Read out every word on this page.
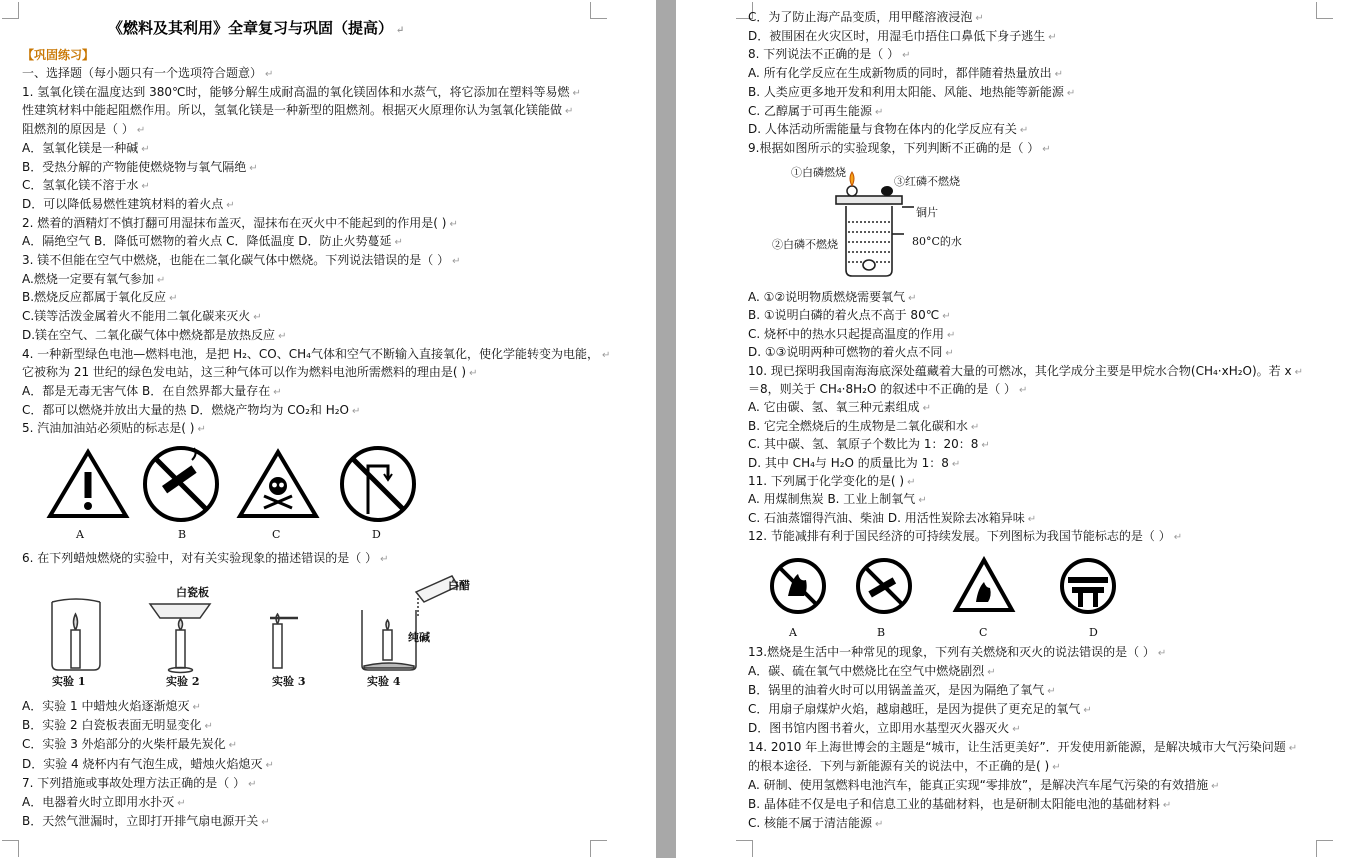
《燃料及其利用》全章复习与巩固（提高） ↵
【巩固练习】
一、选择题（每小题只有一个选项符合题意） ↵
1. 氢氧化镁在温度达到 380℃时，能够分解生成耐高温的氧化镁固体和水蒸气，将它添加在塑料等易燃 ↵
性建筑材料中能起阻燃作用。所以，氢氧化镁是一种新型的阻燃剂。根据灭火原理你认为氢氧化镁能做 ↵
阻燃剂的原因是（ ） ↵
A．氢氧化镁是一种碱 ↵
B．受热分解的产物能使燃烧物与氧气隔绝 ↵
C．氢氧化镁不溶于水 ↵
D．可以降低易燃性建筑材料的着火点 ↵
2. 燃着的酒精灯不慎打翻可用湿抹布盖灭，湿抹布在灭火中不能起到的作用是( ) ↵
A．隔绝空气 B．降低可燃物的着火点 C．降低温度 D．防止火势蔓延 ↵
3. 镁不但能在空气中燃烧，也能在二氧化碳气体中燃烧。下列说法错误的是（ ） ↵
A.燃烧一定要有氧气参加 ↵
B.燃烧反应都属于氧化反应 ↵
C.镁等活泼金属着火不能用二氧化碳来灭火 ↵
D.镁在空气、二氧化碳气体中燃烧都是放热反应 ↵
4. 一种新型绿色电池—燃料电池，是把 H₂、CO、CH₄气体和空气不断输入直接氧化，使化学能转变为电能， ↵
它被称为 21 世纪的绿色发电站，这三种气体可以作为燃料电池所需燃料的理由是( ) ↵
A．都是无毒无害气体 B．在自然界都大量存在 ↵
C．都可以燃烧并放出大量的热 D．燃烧产物均为 CO₂和 H₂O ↵
5. 汽油加油站必须贴的标志是( ) ↵
A	B	C	D
6. 在下列蜡烛燃烧的实验中，对有关实验现象的描述错误的是（ ） ↵
白瓷板
白醋
纯碱
实验 1	实验 2	实验 3	实验 4
A．实验 1 中蜡烛火焰逐渐熄灭 ↵
B．实验 2 白瓷板表面无明显变化 ↵
C．实验 3 外焰部分的火柴杆最先炭化 ↵
D．实验 4 烧杯内有气泡生成，蜡烛火焰熄灭 ↵
7. 下列措施或事故处理方法正确的是（ ） ↵
A．电器着火时立即用水扑灭 ↵
B．天然气泄漏时，立即打开排气扇电源开关 ↵
C．为了防止海产品变质，用甲醛溶液浸泡 ↵
D．被围困在火灾区时，用湿毛巾捂住口鼻低下身子逃生 ↵
8. 下列说法不正确的是（ ） ↵
A. 所有化学反应在生成新物质的同时，都伴随着热量放出 ↵
B. 人类应更多地开发和利用太阳能、风能、地热能等新能源 ↵
C. 乙醇属于可再生能源 ↵
D. 人体活动所需能量与食物在体内的化学反应有关 ↵
9.根据如图所示的实验现象，下列判断不正确的是（ ） ↵
①白磷燃烧
③红磷不燃烧
铜片
②白磷不燃烧	80°C的水
A. ①②说明物质燃烧需要氧气 ↵
B. ①说明白磷的着火点不高于 80℃ ↵
C. 烧杯中的热水只起提高温度的作用 ↵
D. ①③说明两种可燃物的着火点不同 ↵
10. 现已探明我国南海海底深处蕴藏着大量的可燃冰，其化学成分主要是甲烷水合物(CH₄·xH₂O)。若 x ↵
＝8，则关于 CH₄·8H₂O 的叙述中不正确的是（ ） ↵
A. 它由碳、氢、氧三种元素组成 ↵
B. 它完全燃烧后的生成物是二氧化碳和水 ↵
C. 其中碳、氢、氧原子个数比为 1：20：8 ↵
D. 其中 CH₄与 H₂O 的质量比为 1：8 ↵
11. 下列属于化学变化的是( ) ↵
A. 用煤制焦炭 B. 工业上制氧气 ↵
C. 石油蒸馏得汽油、柴油 D. 用活性炭除去冰箱异味 ↵
12. 节能减排有利于国民经济的可持续发展。下列图标为我国节能标志的是（ ） ↵
A	B	C	D
13.燃烧是生活中一种常见的现象，下列有关燃烧和灭火的说法错误的是（ ） ↵
A．碳、硫在氧气中燃烧比在空气中燃烧剧烈 ↵
B．锅里的油着火时可以用锅盖盖灭，是因为隔绝了氧气 ↵
C．用扇子扇煤炉火焰，越扇越旺，是因为提供了更充足的氧气 ↵
D．图书馆内图书着火，立即用水基型灭火器灭火 ↵
14. 2010 年上海世博会的主题是“城市，让生活更美好”．开发使用新能源，是解决城市大气污染问题 ↵
的根本途径．下列与新能源有关的说法中，不正确的是( ) ↵
A. 研制、使用氢燃料电池汽车，能真正实现“零排放”，是解决汽车尾气污染的有效措施 ↵
B. 晶体硅不仅是电子和信息工业的基础材料，也是研制太阳能电池的基础材料 ↵
C. 核能不属于清洁能源 ↵
